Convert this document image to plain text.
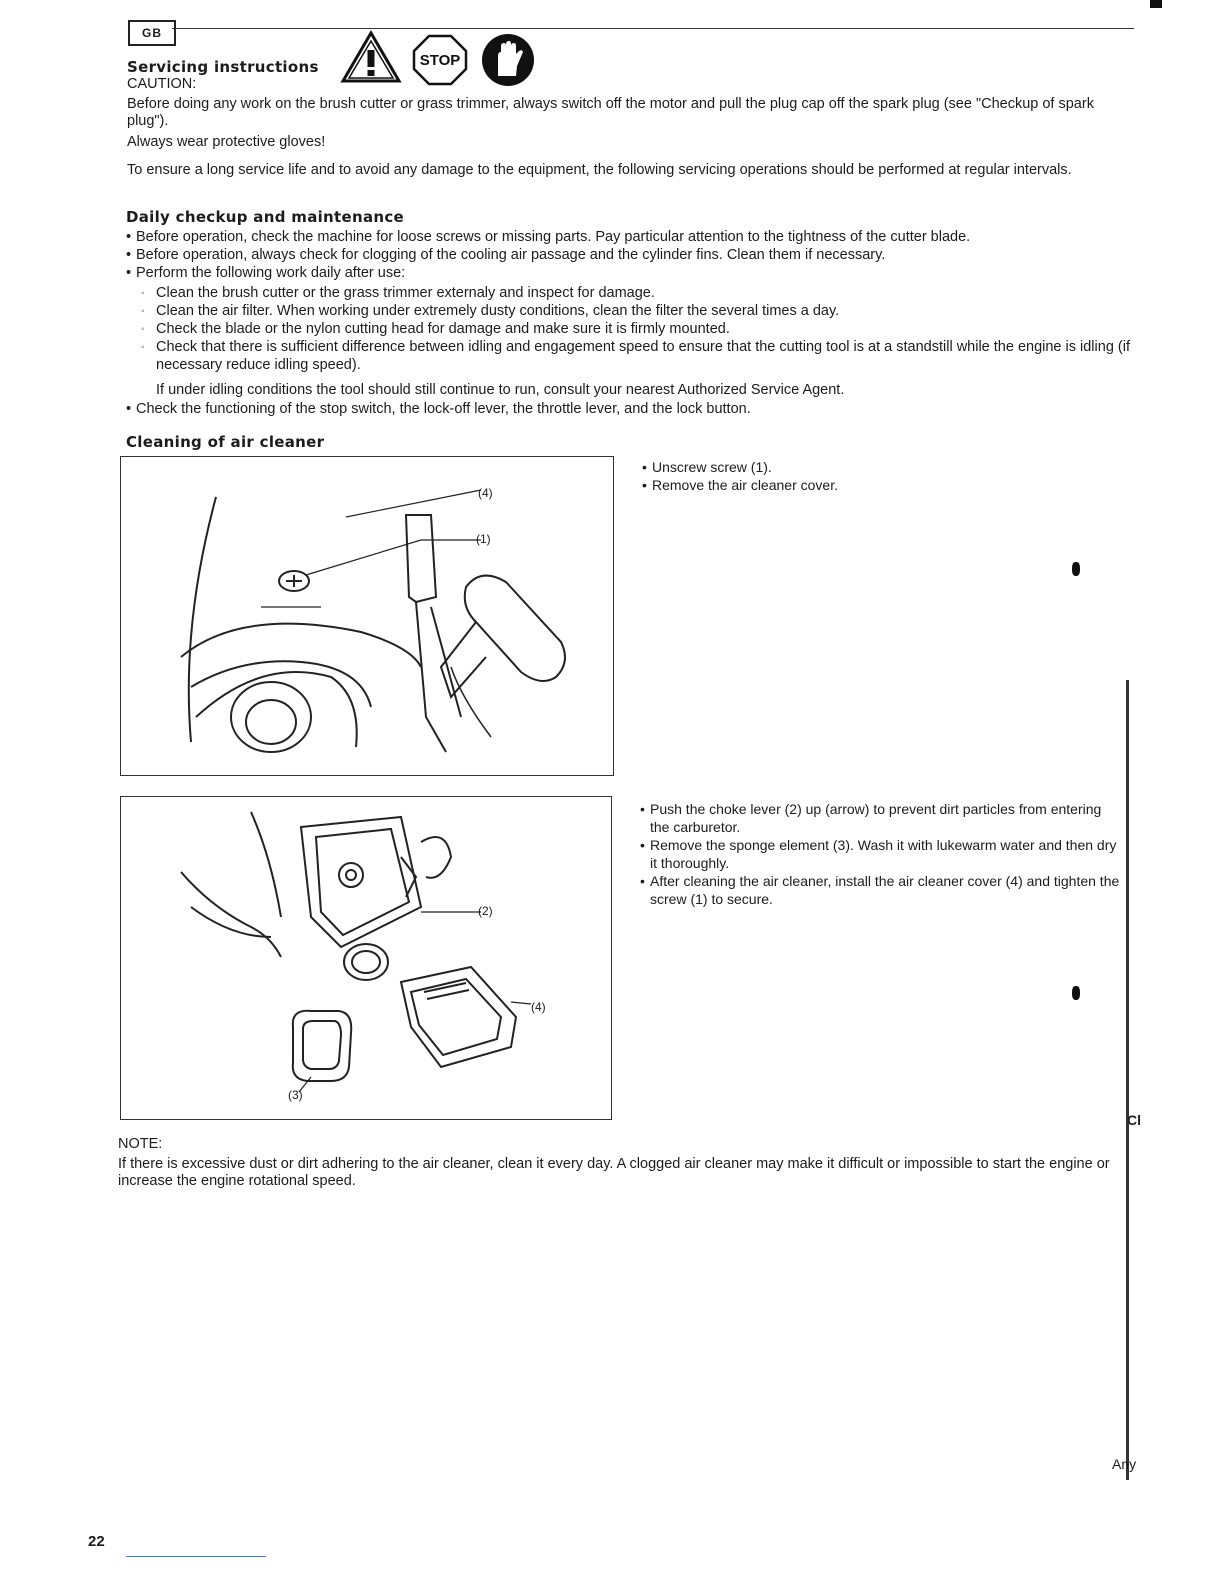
GB
Servicing instructions	STOP
CAUTION:
Before doing any work on the brush cutter or grass trimmer, always switch off the motor and pull the plug cap off the spark plug (see "Checkup of spark plug").
Always wear protective gloves!
To ensure a long service life and to avoid any damage to the equipment, the following servicing operations should be performed at regular intervals.
Daily checkup and maintenance
• Before operation, check the machine for loose screws or missing parts. Pay particular attention to the tightness of the cutter blade.
• Before operation, always check for clogging of the cooling air passage and the cylinder fins. Clean them if necessary.
• Perform the following work daily after use:
◦ Clean the brush cutter or the grass trimmer externaly and inspect for damage.
◦ Clean the air filter. When working under extremely dusty conditions, clean the filter the several times a day.
◦ Check the blade or the nylon cutting head for damage and make sure it is firmly mounted.
◦ Check that there is sufficient difference between idling and engagement speed to ensure that the cutting tool is at a standstill while the engine is idling (if necessary reduce idling speed).
If under idling conditions the tool should still continue to run, consult your nearest Authorized Service Agent.
• Check the functioning of the stop switch, the lock-off lever, the throttle lever, and the lock button.
Cleaning of air cleaner
(4)
(1)
• Unscrew screw (1).
• Remove the air cleaner cover.
(2)
(4)
(3)
• Push the choke lever (2) up (arrow) to prevent dirt particles from entering the carburetor.
• Remove the sponge element (3). Wash it with lukewarm water and then dry it thoroughly.
• After cleaning the air cleaner, install the air cleaner cover (4) and tighten the screw (1) to secure.
NOTE:
If there is excessive dust or dirt adhering to the air cleaner, clean it every day. A clogged air cleaner may make it difficult or impossible to start the engine or increase the engine rotational speed.
Cl
Any
22
